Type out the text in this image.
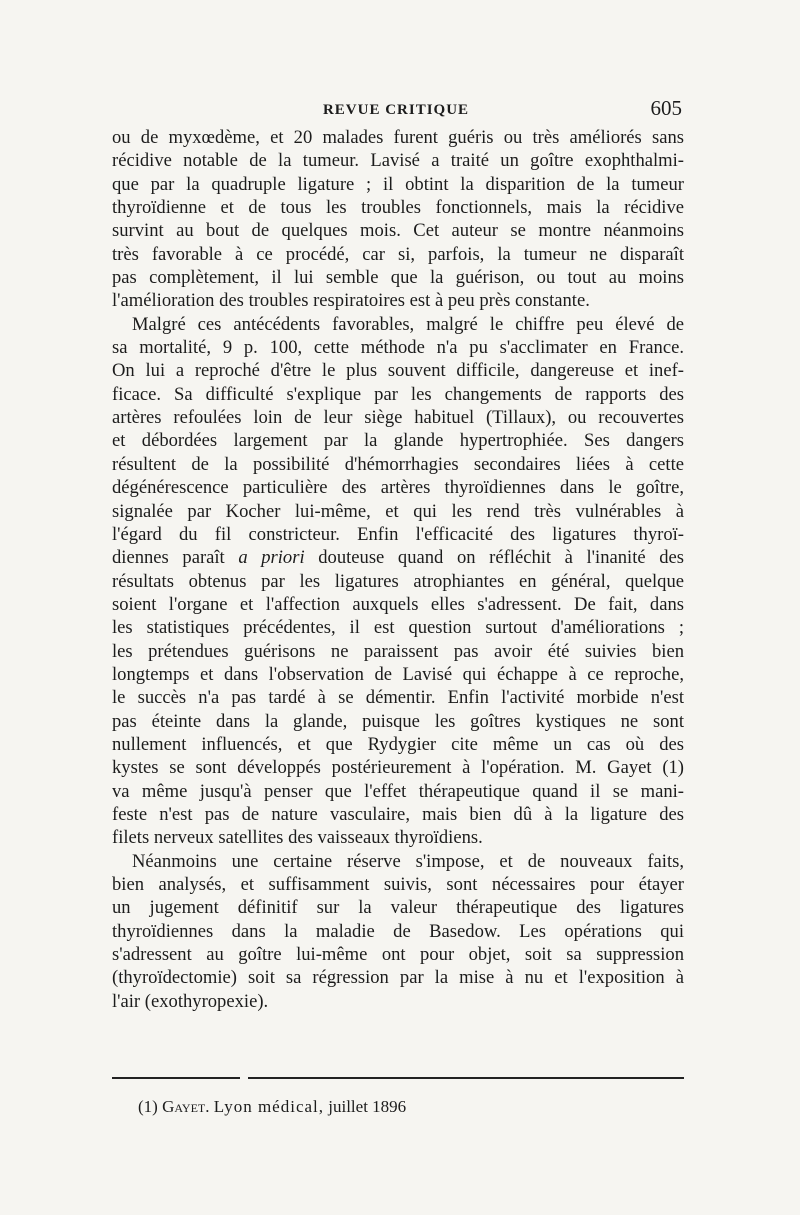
REVUE CRITIQUE	605
ou de myxœdème, et 20 malades furent guéris ou très améliorés sans
récidive notable de la tumeur. Lavisé a traité un goître exophthalmi-
que par la quadruple ligature ; il obtint la disparition de la tumeur
thyroïdienne et de tous les troubles fonctionnels, mais la récidive
survint au bout de quelques mois. Cet auteur se montre néanmoins
très favorable à ce procédé, car si, parfois, la tumeur ne disparaît
pas complètement, il lui semble que la guérison, ou tout au moins
l'amélioration des troubles respiratoires est à peu près constante.
Malgré ces antécédents favorables, malgré le chiffre peu élevé de
sa mortalité, 9 p. 100, cette méthode n'a pu s'acclimater en France.
On lui a reproché d'être le plus souvent difficile, dangereuse et inef-
ficace. Sa difficulté s'explique par les changements de rapports des
artères refoulées loin de leur siège habituel (Tillaux), ou recouvertes
et débordées largement par la glande hypertrophiée. Ses dangers
résultent de la possibilité d'hémorrhagies secondaires liées à cette
dégénérescence particulière des artères thyroïdiennes dans le goître,
signalée par Kocher lui-même, et qui les rend très vulnérables à
l'égard du fil constricteur. Enfin l'efficacité des ligatures thyroï-
diennes paraît a priori douteuse quand on réfléchit à l'inanité des
résultats obtenus par les ligatures atrophiantes en général, quelque
soient l'organe et l'affection auxquels elles s'adressent. De fait, dans
les statistiques précédentes, il est question surtout d'améliorations ;
les prétendues guérisons ne paraissent pas avoir été suivies bien
longtemps et dans l'observation de Lavisé qui échappe à ce reproche,
le succès n'a pas tardé à se démentir. Enfin l'activité morbide n'est
pas éteinte dans la glande, puisque les goîtres kystiques ne sont
nullement influencés, et que Rydygier cite même un cas où des
kystes se sont développés postérieurement à l'opération. M. Gayet (1)
va même jusqu'à penser que l'effet thérapeutique quand il se mani-
feste n'est pas de nature vasculaire, mais bien dû à la ligature des
filets nerveux satellites des vaisseaux thyroïdiens.
Néanmoins une certaine réserve s'impose, et de nouveaux faits,
bien analysés, et suffisamment suivis, sont nécessaires pour étayer
un jugement définitif sur la valeur thérapeutique des ligatures
thyroïdiennes dans la maladie de Basedow. Les opérations qui
s'adressent au goître lui-même ont pour objet, soit sa suppression
(thyroïdectomie) soit sa régression par la mise à nu et l'exposition à
l'air (exothyropexie).
(1) Gayet. Lyon médical, juillet 1896
